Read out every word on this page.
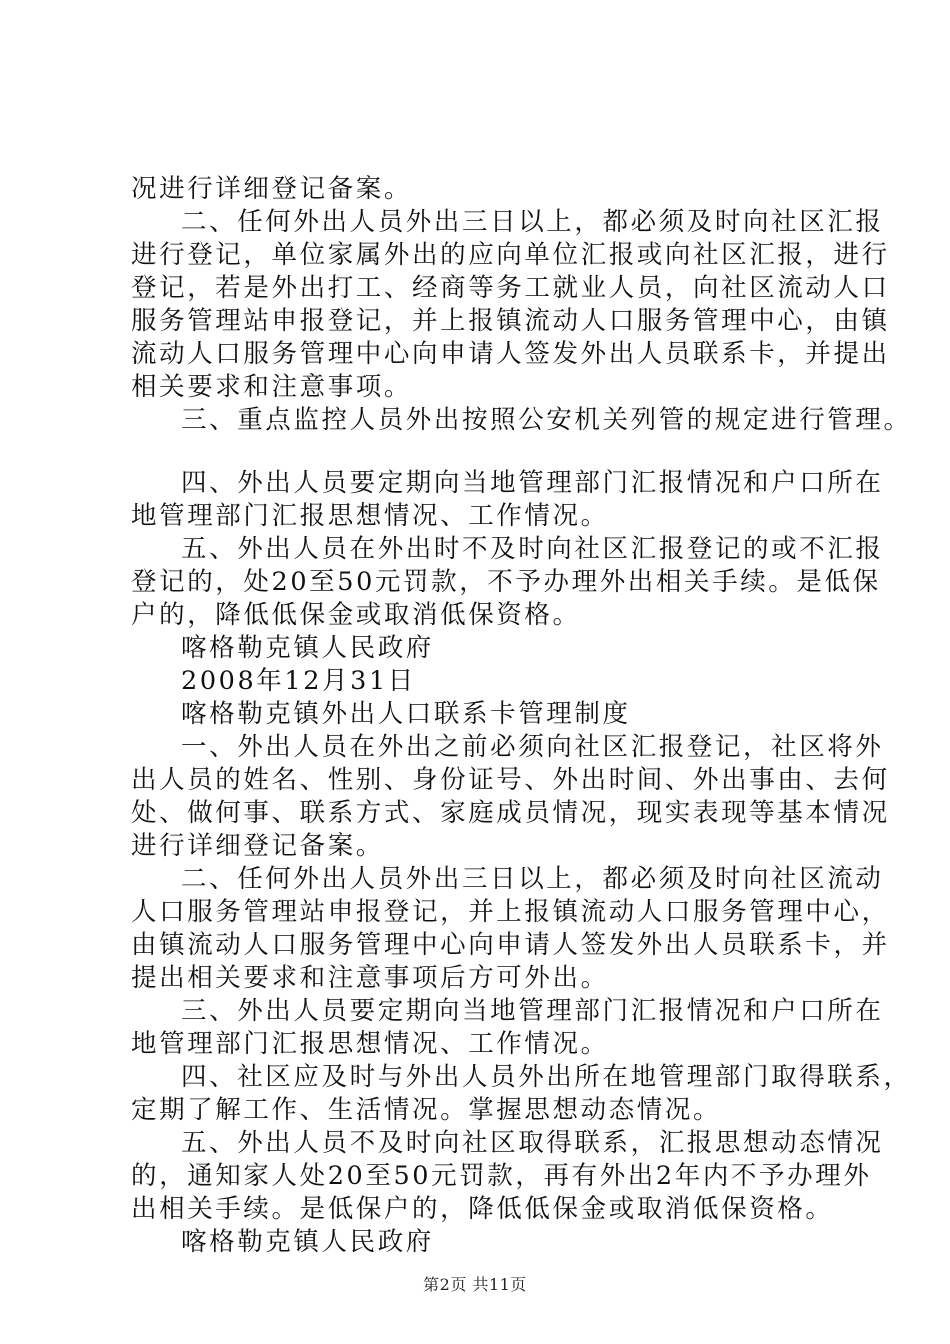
况进行详细登记备案。
二、任何外出人员外出三日以上，都必须及时向社区汇报
进行登记，单位家属外出的应向单位汇报或向社区汇报，进行
登记，若是外出打工、经商等务工就业人员，向社区流动人口
服务管理站申报登记，并上报镇流动人口服务管理中心，由镇
流动人口服务管理中心向申请人签发外出人员联系卡，并提出
相关要求和注意事项。
三、重点监控人员外出按照公安机关列管的规定进行管理。
四、外出人员要定期向当地管理部门汇报情况和户口所在
地管理部门汇报思想情况、工作情况。
五、外出人员在外出时不及时向社区汇报登记的或不汇报
登记的，处20至50元罚款，不予办理外出相关手续。是低保
户的，降低低保金或取消低保资格。
喀格勒克镇人民政府
2008年12月31日
喀格勒克镇外出人口联系卡管理制度
一、外出人员在外出之前必须向社区汇报登记，社区将外
出人员的姓名、性别、身份证号、外出时间、外出事由、去何
处、做何事、联系方式、家庭成员情况，现实表现等基本情况
进行详细登记备案。
二、任何外出人员外出三日以上，都必须及时向社区流动
人口服务管理站申报登记，并上报镇流动人口服务管理中心，
由镇流动人口服务管理中心向申请人签发外出人员联系卡，并
提出相关要求和注意事项后方可外出。
三、外出人员要定期向当地管理部门汇报情况和户口所在
地管理部门汇报思想情况、工作情况。
四、社区应及时与外出人员外出所在地管理部门取得联系，
定期了解工作、生活情况。掌握思想动态情况。
五、外出人员不及时向社区取得联系，汇报思想动态情况
的，通知家人处20至50元罚款，再有外出2年内不予办理外
出相关手续。是低保户的，降低低保金或取消低保资格。
喀格勒克镇人民政府
第2页 共11页
